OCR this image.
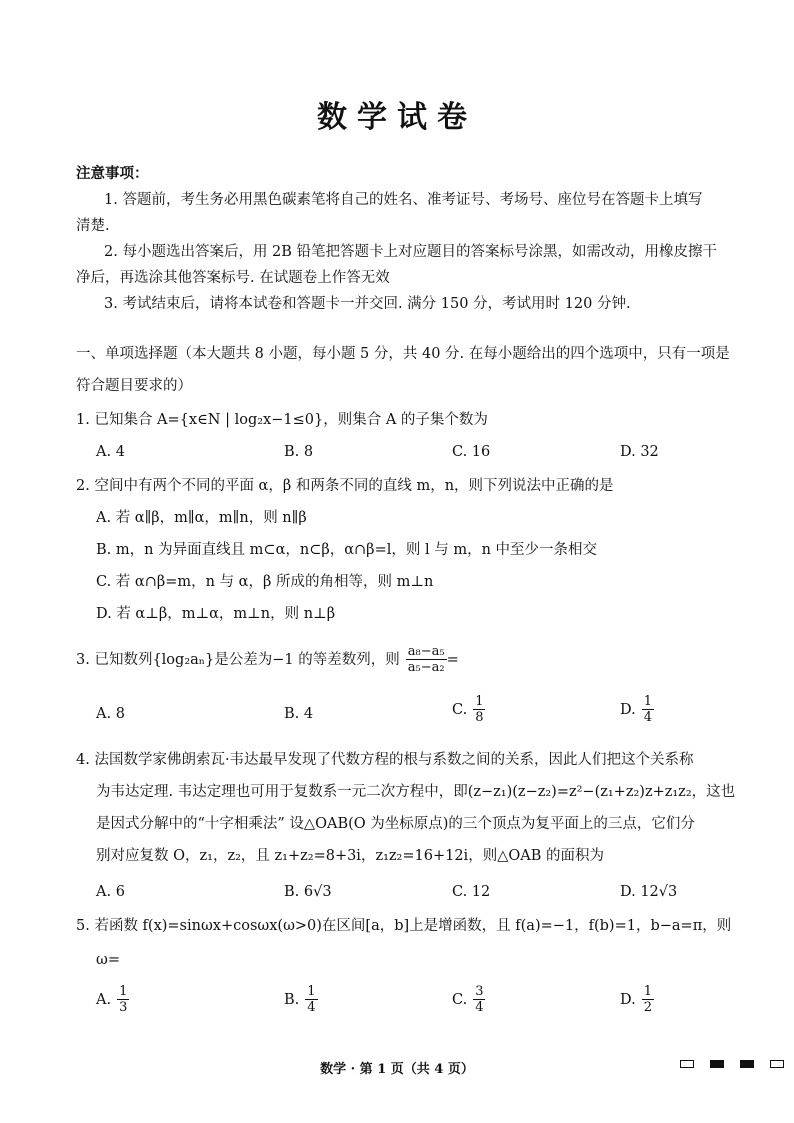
数学试卷
注意事项：
1. 答题前，考生务必用黑色碳素笔将自己的姓名、准考证号、考场号、座位号在答题卡上填写
清楚.
2. 每小题选出答案后，用 2B 铅笔把答题卡上对应题目的答案标号涂黑，如需改动，用橡皮擦干
净后，再选涂其他答案标号. 在试题卷上作答无效
3. 考试结束后，请将本试卷和答题卡一并交回. 满分 150 分，考试用时 120 分钟.
一、单项选择题（本大题共 8 小题，每小题 5 分，共 40 分. 在每小题给出的四个选项中，只有一项是
符合题目要求的）
1. 已知集合 A={x∈N | log₂x−1≤0}，则集合 A 的子集个数为
A. 4	B. 8	C. 16	D. 32
2. 空间中有两个不同的平面 α，β 和两条不同的直线 m，n，则下列说法中正确的是
A. 若 α∥β，m∥α，m∥n，则 n∥β
B. m，n 为异面直线且 m⊂α，n⊂β，α∩β=l，则 l 与 m，n 中至少一条相交
C. 若 α∩β=m，n 与 α，β 所成的角相等，则 m⊥n
D. 若 α⊥β，m⊥α，m⊥n，则 n⊥β
3. 已知数列{log₂aₙ}是公差为−1 的等差数列，则 $\frac{\text{a₈−a₅}}{\text{a₅−a₂}}$ =
A. 8	B. 4	C. $\frac{1}{8}$	D. $\frac{1}{4}$
4. 法国数学家佛朗索瓦·韦达最早发现了代数方程的根与系数之间的关系，因此人们把这个关系称
为韦达定理. 韦达定理也可用于复数系一元二次方程中，即(z−z₁)(z−z₂)=z²−(z₁+z₂)z+z₁z₂，这也
是因式分解中的“十字相乘法” 设△OAB(O 为坐标原点)的三个顶点为复平面上的三点，它们分
别对应复数 O，z₁，z₂，且 z₁+z₂=8+3i，z₁z₂=16+12i，则△OAB 的面积为
A. 6	B. 6√3	C. 12	D. 12√3
5. 若函数 f(x)=sinωx+cosωx(ω>0)在区间[a，b]上是增函数，且 f(a)=−1，f(b)=1，b−a=π，则
ω=
A. $\frac{1}{3}$	B. $\frac{1}{4}$	C. $\frac{3}{4}$	D. $\frac{1}{2}$
数学 · 第 1 页（共 4 页）
